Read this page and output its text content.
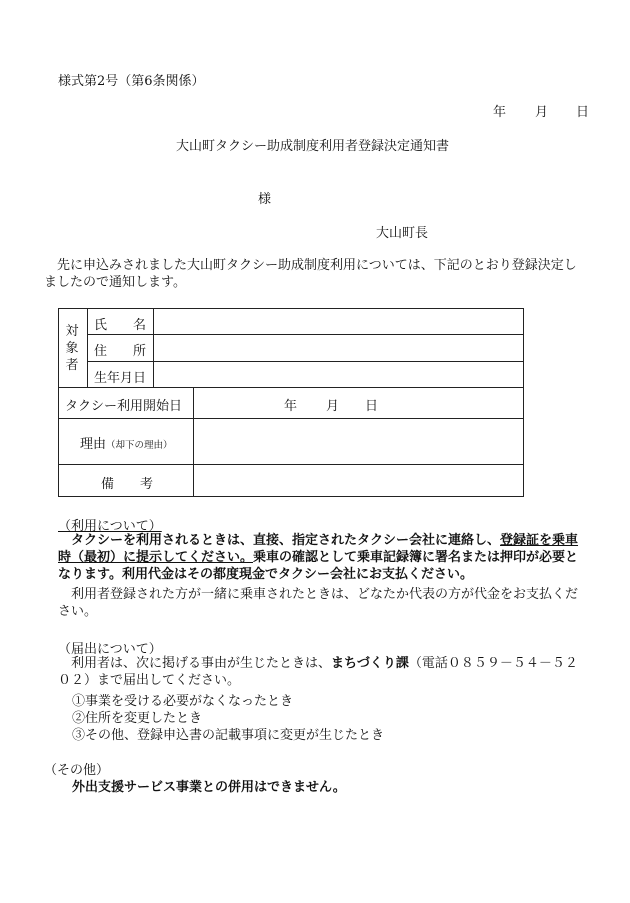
様式第2号（第6条関係）
年 月 日
大山町タクシー助成制度利用者登録決定通知書
様
大山町長
先に申込みされました大山町タクシー助成制度利用については、下記のとおり登録決定しましたので通知します。
対象者
氏　　名
住　　所
生年月日
タクシー利用開始日	年 月 日
理由（却下の理由）
備　　考
（利用について）
タクシーを利用されるときは、直接、指定されたタクシー会社に連絡し、登録証を乗車時（最初）に提示してください。乗車の確認として乗車記録簿に署名または押印が必要となります。利用代金はその都度現金でタクシー会社にお支払ください。
利用者登録された方が一緒に乗車されたときは、どなたか代表の方が代金をお支払ください。
（届出について）
利用者は、次に掲げる事由が生じたときは、まちづくり課（電話０８５９－５４－５２０２）まで届出してください。
①事業を受ける必要がなくなったとき
②住所を変更したとき
③その他、登録申込書の記載事項に変更が生じたとき
（その他）
外出支援サービス事業との併用はできません。
